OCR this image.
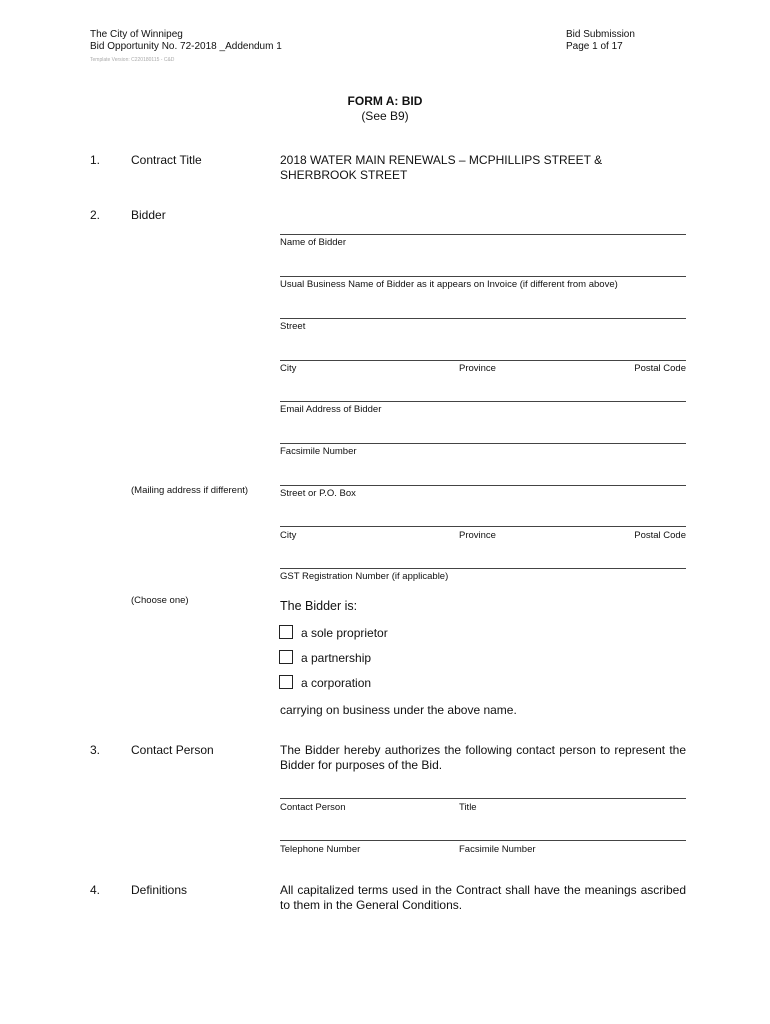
The City of Winnipeg
Bid Opportunity No. 72-2018 _Addendum 1
Template Version: C220180115 - C&D
Bid Submission
Page 1 of 17
FORM A: BID
(See B9)
1.	Contract Title	2018 WATER MAIN RENEWALS – MCPHILLIPS STREET & SHERBROOK STREET
2.	Bidder
Name of Bidder
Usual Business Name of Bidder as it appears on Invoice (if different from above)
Street
City	Province	Postal Code
Email Address of Bidder
Facsimile Number
(Mailing address if different)	Street or P.O. Box
City	Province	Postal Code
GST Registration Number (if applicable)
(Choose one)	The Bidder is:
a sole proprietor
a partnership
a corporation
carrying on business under the above name.
3.	Contact Person	The Bidder hereby authorizes the following contact person to represent the Bidder for purposes of the Bid.
Contact Person	Title
Telephone Number	Facsimile Number
4.	Definitions	All capitalized terms used in the Contract shall have the meanings ascribed to them in the General Conditions.
